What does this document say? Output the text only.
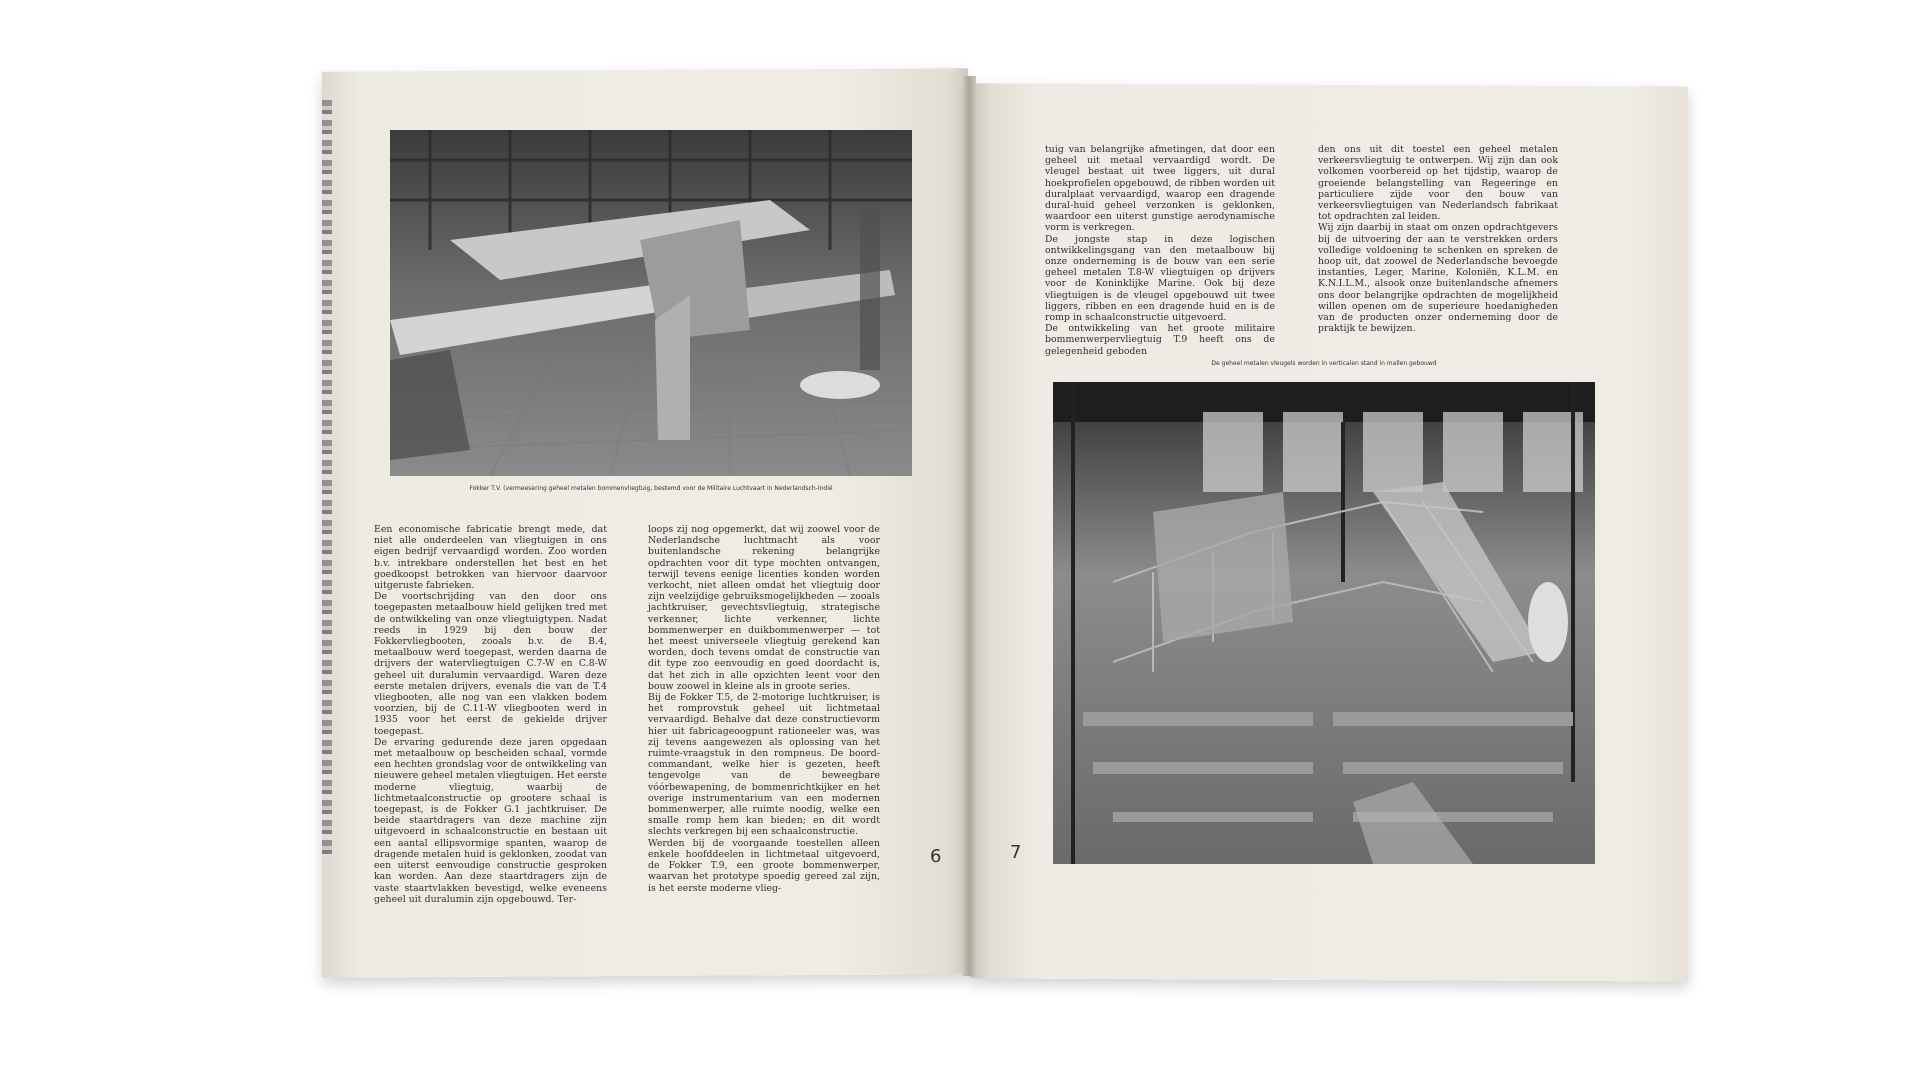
Fokker T.V. (vermeesering geheel metalen bommenvliegtuig, bestemd voor de Militaire Luchtvaart in Nederlandsch-Indië

Een economische fabricatie brengt mede, dat niet alle onderdeelen van vliegtuigen in ons eigen bedrijf vervaardigd worden. Zoo worden b.v. intrekbare onderstellen het best en het goedkoopst betrokken van hiervoor daarvoor uitgeruste fabrieken.

De voortschrijding van den door ons toegepasten metaalbouw hield gelijken tred met de ontwikkeling van onze vliegtuigtypen. Nadat reeds in 1929 bij den bouw der Fokkervliegbooten, zooals b.v. de B.4, metaalbouw werd toegepast, werden daarna de drijvers der watervliegtuigen C.7-W en C.8-W geheel uit duralumin vervaardigd. Waren deze eerste metalen drijvers, evenals die van de T.4 vliegbooten, alle nog van een vlakken bodem voorzien, bij de C.11-W vliegbooten werd in 1935 voor het eerst de gekielde drijver toegepast.

De ervaring gedurende deze jaren opgedaan met metaalbouw op bescheiden schaal, vormde een hechten grondslag voor de ontwikkeling van nieuwere geheel metalen vliegtuigen. Het eerste moderne vliegtuig, waarbij de lichtmetaalconstructie op grootere schaal is toegepast, is de Fokker G.1 jachtkruiser. De beide staartdragers van deze machine zijn uitgevoerd in schaalconstructie en bestaan uit een aantal ellipsvormige spanten, waarop de dragende metalen huid is geklonken, zoodat van een uiterst eenvoudige constructie gesproken kan worden. Aan deze staartdragers zijn de vaste staartvlakken bevestigd, welke eveneens geheel uit duralumin zijn opgebouwd. Ter-

loops zij nog opgemerkt, dat wij zoowel voor de Nederlandsche luchtmacht als voor buitenlandsche rekening belangrijke opdrachten voor dit type mochten ontvangen, terwijl tevens eenige licenties konden worden verkocht, niet alleen omdat het vliegtuig door zijn veelzijdige gebruiksmogelijkheden — zooals jachtkruiser, gevechtsvliegtuig, strategische verkenner, lichte verkenner, lichte bommenwerper en duikbommenwerper — tot het meest universeele vliegtuig gerekend kan worden, doch tevens omdat de constructie van dit type zoo eenvoudig en goed doordacht is, dat het zich in alle opzichten leent voor den bouw zoowel in kleine als in groote series.

Bij de Fokker T.5, de 2-motorige luchtkruiser, is het romprovstuk geheel uit lichtmetaal vervaardigd. Behalve dat deze constructievorm hier uit fabricageoogpunt rationeeler was, was zij tevens aangewezen als oplossing van het ruimte-vraagstuk in den rompneus. De boord-commandant, welke hier is gezeten, heeft tengevolge van de beweegbare vóórbewapening, de bommenrichtkijker en het overige instrumentarium van een modernen bommenwerper, alle ruimte noodig, welke een smalle romp hem kan bieden; en dit wordt slechts verkregen bij een schaalconstructie.

Werden bij de voorgaande toestellen alleen enkele hoofddeelen in lichtmetaal uitgevoerd, de Fokker T.9, een groote bommenwerper, waarvan het prototype spoedig gereed zal zijn, is het eerste moderne vlieg-

6

tuig van belangrijke afmetingen, dat door een geheel uit metaal vervaardigd wordt. De vleugel bestaat uit twee liggers, uit dural hoekprofielen opgebouwd, de ribben worden uit duralplaat vervaardigd, waarop een dragende dural-huid geheel verzonken is geklonken, waardoor een uiterst gunstige aerodynamische vorm is verkregen.

De jongste stap in deze logischen ontwikkelingsgang van den metaalbouw bij onze onderneming is de bouw van een serie geheel metalen T.8-W vliegtuigen op drijvers voor de Koninklijke Marine. Ook bij deze vliegtuigen is de vleugel opgebouwd uit twee liggers, ribben en een dragende huid en is de romp in schaalconstructie uitgevoerd.

De ontwikkeling van het groote militaire bommenwerpervliegtuig T.9 heeft ons de gelegenheid geboden

den ons uit dit toestel een geheel metalen verkeersvliegtuig te ontwerpen. Wij zijn dan ook volkomen voorbereid op het tijdstip, waarop de groeiende belangstelling van Regeeringe en particuliere zijde voor den bouw van verkeersvliegtuigen van Nederlandsch fabrikaat tot opdrachten zal leiden.

Wij zijn daarbij in staat om onzen opdrachtgevers bij de uitvoering der aan te verstrekken orders volledige voldoening te schenken en spreken de hoop uit, dat zoowel de Nederlandsche bevoegde instanties, Leger, Marine, Koloniën, K.L.M. en K.N.I.L.M., alsook onze buitenlandsche afnemers ons door belangrijke opdrachten de mogelijkheid willen openen om de superieure hoedanigheden van de producten onzer onderneming door de praktijk te bewijzen.

De geheel metalen vleugels worden in verticalen stand in mallen gebouwd
7
